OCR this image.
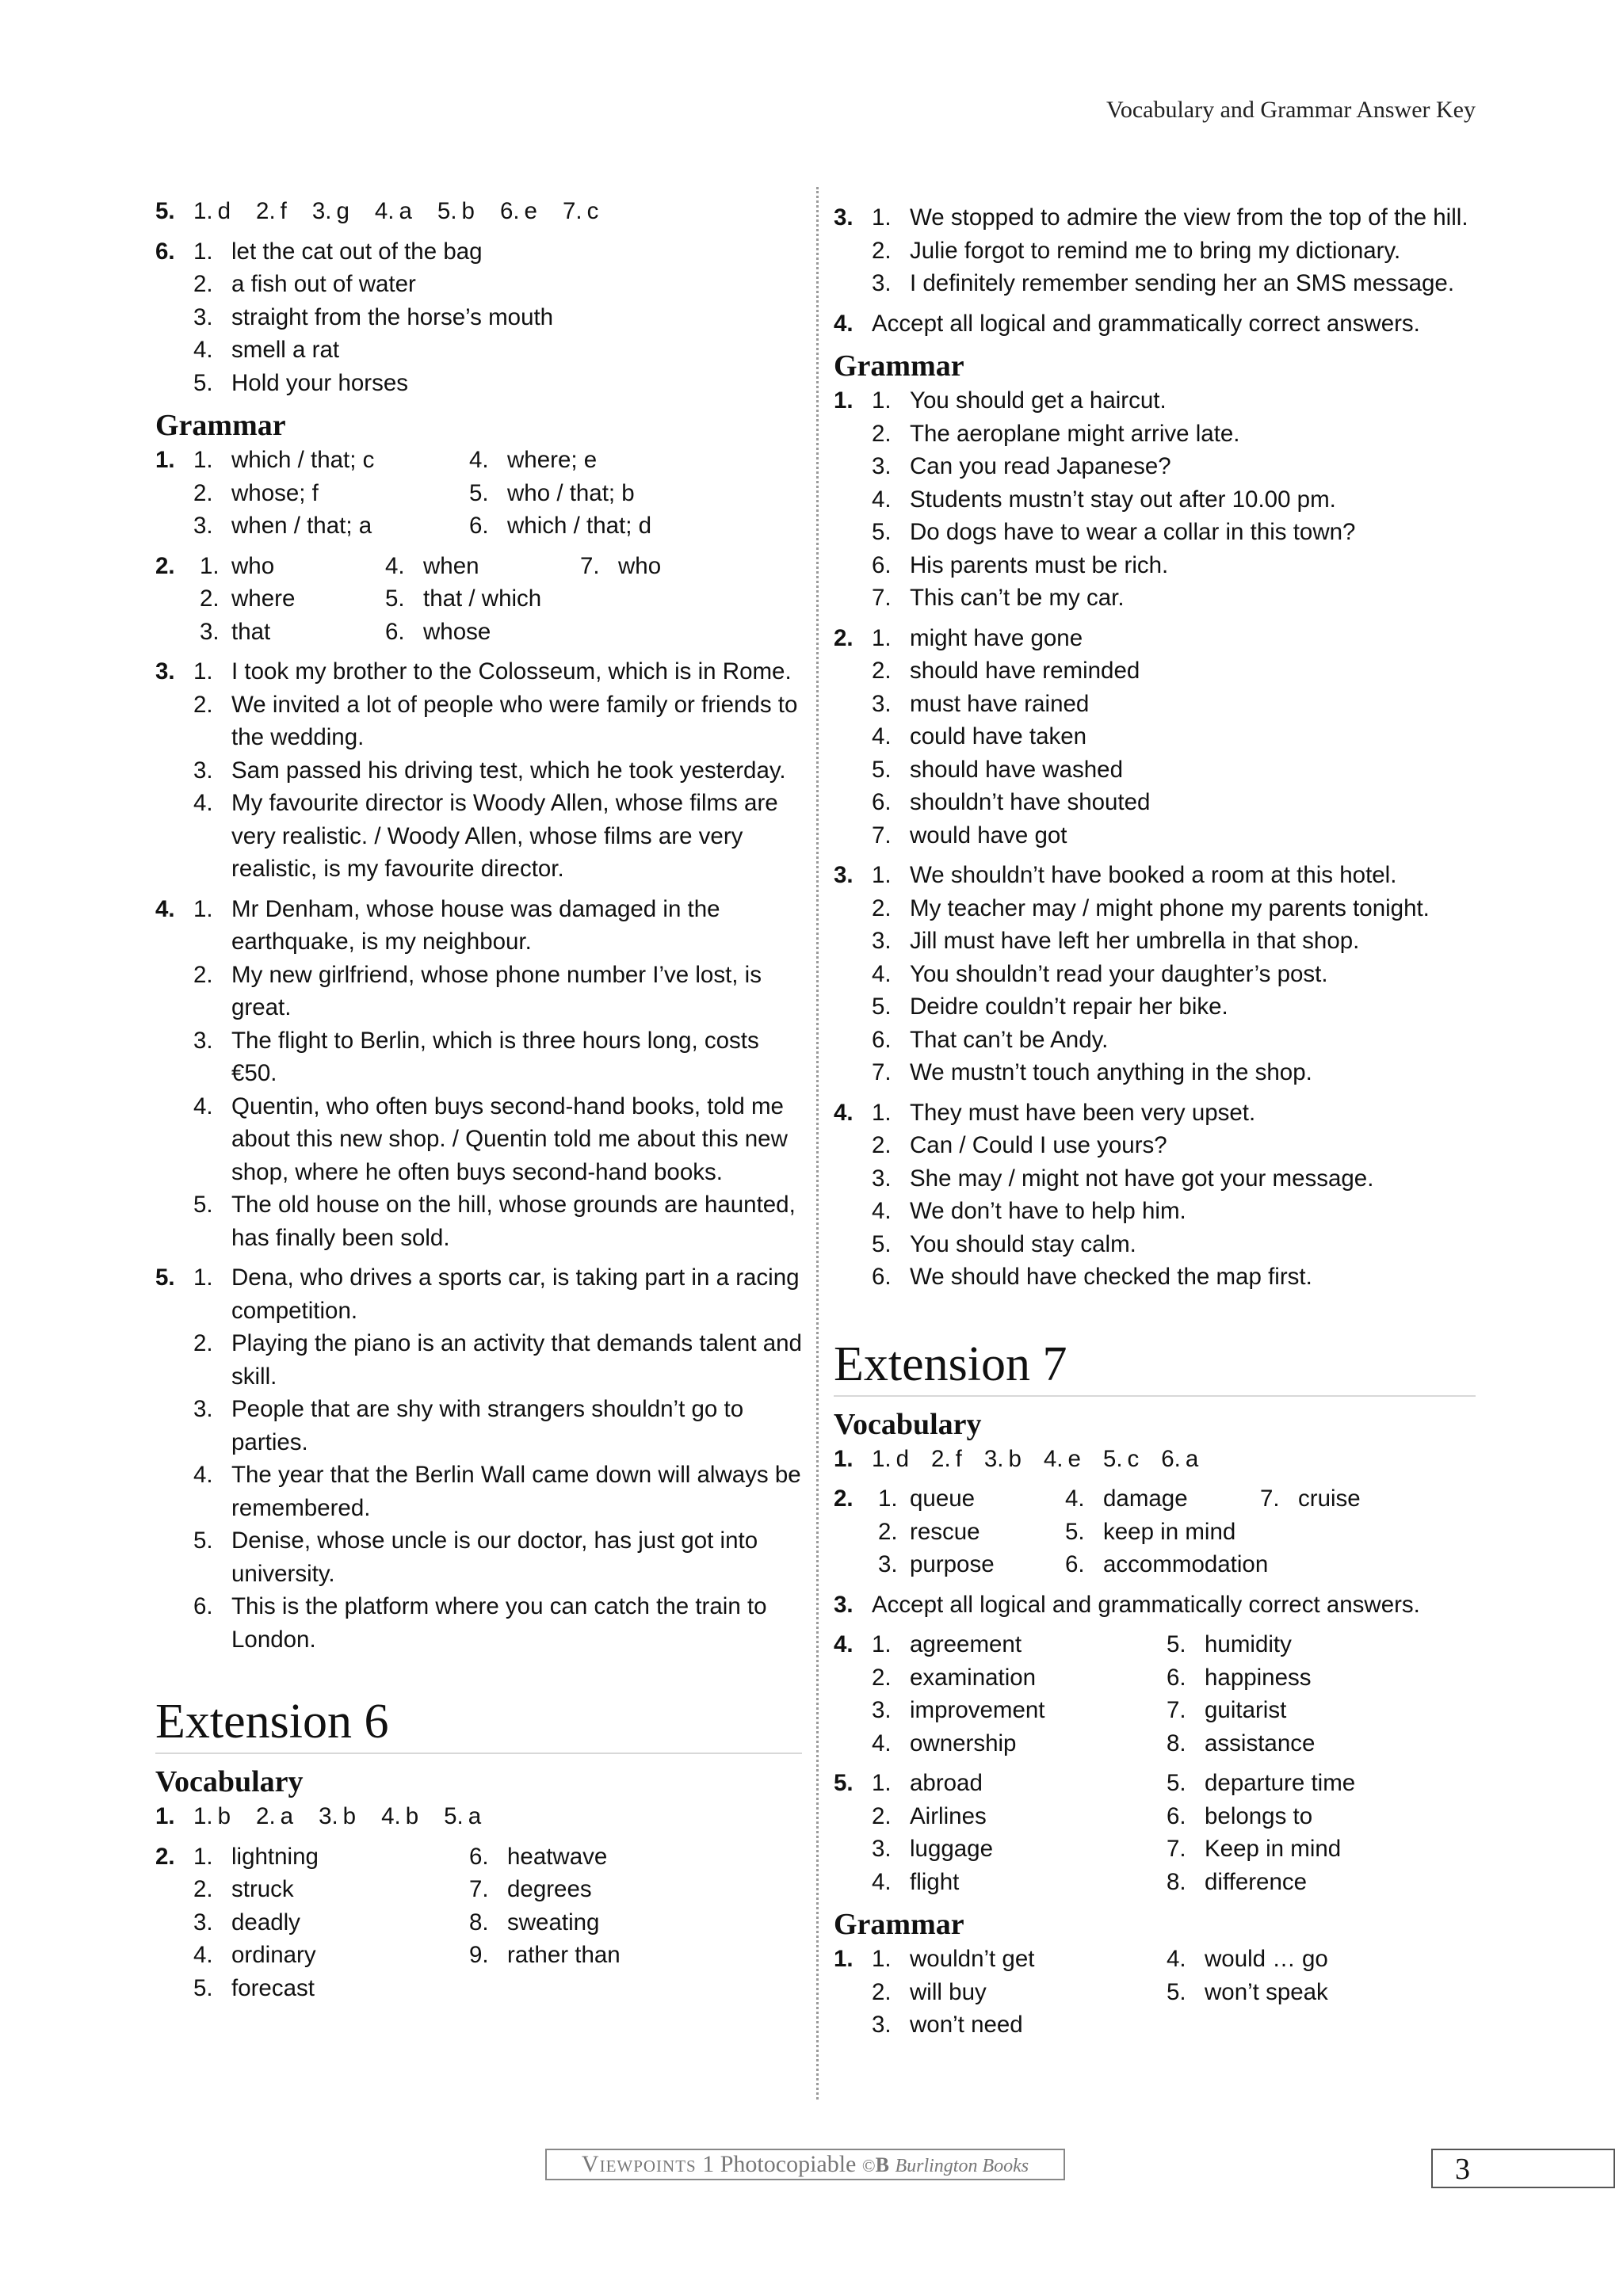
Vocabulary and Grammar Answer Key
5. 1. d 2. f 3. g 4. a 5. b 6. e 7. c
6. 1. let the cat out of the bag
2. a fish out of water
3. straight from the horse’s mouth
4. smell a rat
5. Hold your horses
Grammar
1. 1. which / that; c	4. where; e
2. whose; f	5. who / that; b
3. when / that; a	6. which / that; d
2.	1. who	4. when	7. who
2. where	5. that / which
3. that	6. whose
3. 1. I took my brother to the Colosseum, which is in Rome.
2. We invited a lot of people who were family or friends to the wedding.
3. Sam passed his driving test, which he took yesterday.
4. My favourite director is Woody Allen, whose films are very realistic. / Woody Allen, whose films are very realistic, is my favourite director.
4. 1. Mr Denham, whose house was damaged in the earthquake, is my neighbour.
2. My new girlfriend, whose phone number I’ve lost, is great.
3. The flight to Berlin, which is three hours long, costs €50.
4. Quentin, who often buys second-hand books, told me about this new shop. / Quentin told me about this new shop, where he often buys second-hand books.
5. The old house on the hill, whose grounds are haunted, has finally been sold.
5. 1. Dena, who drives a sports car, is taking part in a racing competition.
2. Playing the piano is an activity that demands talent and skill.
3. People that are shy with strangers shouldn’t go to parties.
4. The year that the Berlin Wall came down will always be remembered.
5. Denise, whose uncle is our doctor, has just got into university.
6. This is the platform where you can catch the train to London.
Extension 6
Vocabulary
1. 1. b 2. a 3. b 4. b 5. a
2. 1. lightning	6. heatwave
2. struck	7. degrees
3. deadly	8. sweating
4. ordinary	9. rather than
5. forecast
3. 1. We stopped to admire the view from the top of the hill.
2. Julie forgot to remind me to bring my dictionary.
3. I definitely remember sending her an SMS message.
4. Accept all logical and grammatically correct answers.
Grammar
1. 1. You should get a haircut.
2. The aeroplane might arrive late.
3. Can you read Japanese?
4. Students mustn’t stay out after 10.00 pm.
5. Do dogs have to wear a collar in this town?
6. His parents must be rich.
7. This can’t be my car.
2. 1. might have gone
2. should have reminded
3. must have rained
4. could have taken
5. should have washed
6. shouldn’t have shouted
7. would have got
3. 1. We shouldn’t have booked a room at this hotel.
2. My teacher may / might phone my parents tonight.
3. Jill must have left her umbrella in that shop.
4. You shouldn’t read your daughter’s post.
5. Deidre couldn’t repair her bike.
6. That can’t be Andy.
7. We mustn’t touch anything in the shop.
4. 1. They must have been very upset.
2. Can / Could I use yours?
3. She may / might not have got your message.
4. We don’t have to help him.
5. You should stay calm.
6. We should have checked the map first.
Extension 7
Vocabulary
1. 1. d 2. f 3. b 4. e 5. c 6. a
2.	1. queue	4. damage	7. cruise
2. rescue	5. keep in mind
3. purpose	6. accommodation
3. Accept all logical and grammatically correct answers.
4. 1. agreement	5. humidity
2. examination	6. happiness
3. improvement	7. guitarist
4. ownership	8. assistance
5. 1. abroad	5. departure time
2. Airlines	6. belongs to
3. luggage	7. Keep in mind
4. flight	8. difference
Grammar
1. 1. wouldn’t get	4. would … go
2. will buy	5. won’t speak
3. won’t need
Viewpoints 1 Photocopiable ©B Burlington Books	3
